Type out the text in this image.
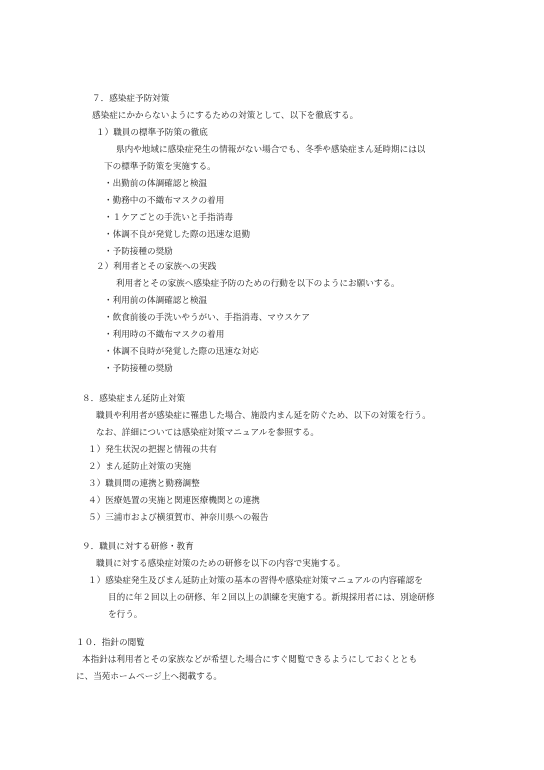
７．感染症予防対策
感染症にかからないようにするための対策として、以下を徹底する。
１）職員の標準予防策の徹底
県内や地域に感染症発生の情報がない場合でも、冬季や感染症まん延時期には以
下の標準予防策を実施する。
・出勤前の体調確認と検温
・勤務中の不織布マスクの着用
・１ケアごとの手洗いと手指消毒
・体調不良が発覚した際の迅速な退勤
・予防接種の奨励
２）利用者とその家族への実践
利用者とその家族へ感染症予防のための行動を以下のようにお願いする。
・利用前の体調確認と検温
・飲食前後の手洗いやうがい、手指消毒、マウスケア
・利用時の不織布マスクの着用
・体調不良時が発覚した際の迅速な対応
・予防接種の奨励
８．感染症まん延防止対策
職員や利用者が感染症に罹患した場合、施設内まん延を防ぐため、以下の対策を行う。
なお、詳細については感染症対策マニュアルを参照する。
１）発生状況の把握と情報の共有
２）まん延防止対策の実施
３）職員間の連携と勤務調整
４）医療処置の実施と関連医療機関との連携
５）三浦市および横須賀市、神奈川県への報告
９．職員に対する研修・教育
職員に対する感染症対策のための研修を以下の内容で実施する。
１）感染症発生及びまん延防止対策の基本の習得や感染症対策マニュアルの内容確認を
目的に年２回以上の研修、年２回以上の訓練を実施する。新規採用者には、別途研修
を行う。
１０．指針の閲覧
本指針は利用者とその家族などが希望した場合にすぐ閲覧できるようにしておくととも
に、当苑ホームページ上へ掲載する。
